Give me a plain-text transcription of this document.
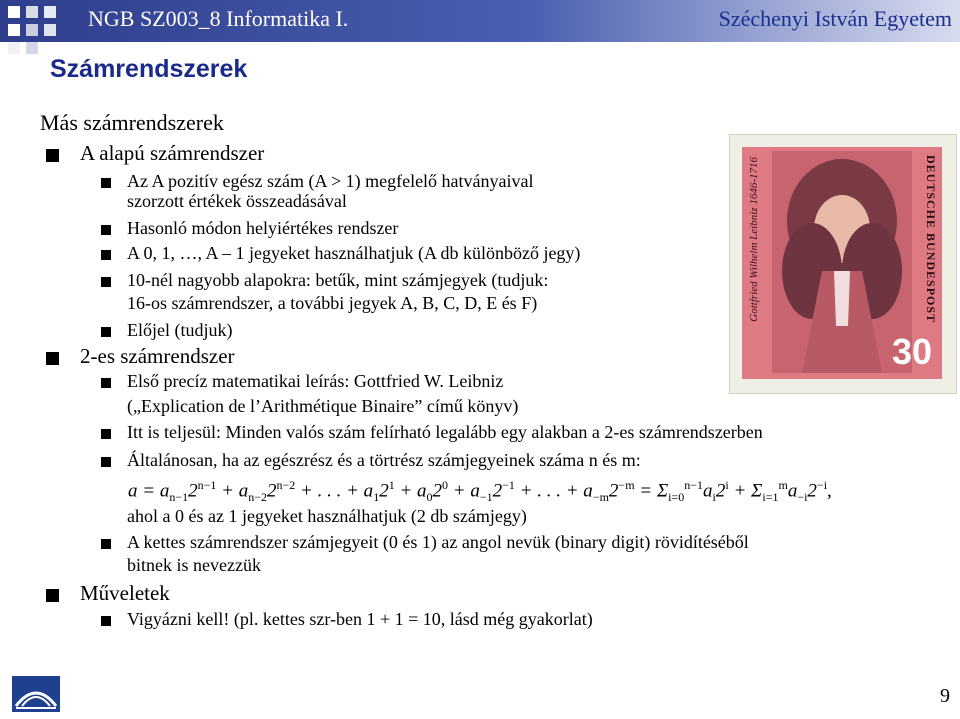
NGB SZ003_8 Informatika I.	Széchenyi István Egyetem
Számrendszerek
Más számrendszerek
A alapú számrendszer
Az A pozitív egész szám (A > 1) megfelelő hatványaival
szorzott értékek összeadásával
Hasonló módon helyiértékes rendszer
A 0, 1, …, A – 1 jegyeket használhatjuk (A db különböző jegy)
10-nél nagyobb alapokra: betűk, mint számjegyek (tudjuk:
16-os számrendszer, a további jegyek A, B, C, D, E és F)
Előjel (tudjuk)
2-es számrendszer
Első precíz matematikai leírás: Gottfried W. Leibniz
(„Explication de l’Arithmétique Binaire” című könyv)
Itt is teljesül: Minden valós szám felírható legalább egy alakban a 2-es számrendszerben
Általánosan, ha az egészrész és a törtrész számjegyeinek száma n és m:
ahol a 0 és az 1 jegyeket használhatjuk (2 db számjegy)
A kettes számrendszer számjegyeit (0 és 1) az angol nevük (binary digit) rövidítéséből
bitnek is nevezzük
Műveletek
Vigyázni kell! (pl. kettes szr-ben 1 + 1 = 10, lásd még gyakorlat)
$a = a_{n-1}2^{n-1} + a_{n-2}2^{n-2}$ + . . . + $a_12^1 + a_02^0 + a_{-1}2^{-1}$ + . . . + $a_{-m}2^{-m} = \Sigma_{i=0}^{n-1}a_i2^i + \Sigma_{i=1}^ma_{-i}2^{-i}$,
Gottfried Wilhelm Leibniz 1646-1716	DEUTSCHE BUNDESPOST
30
9
